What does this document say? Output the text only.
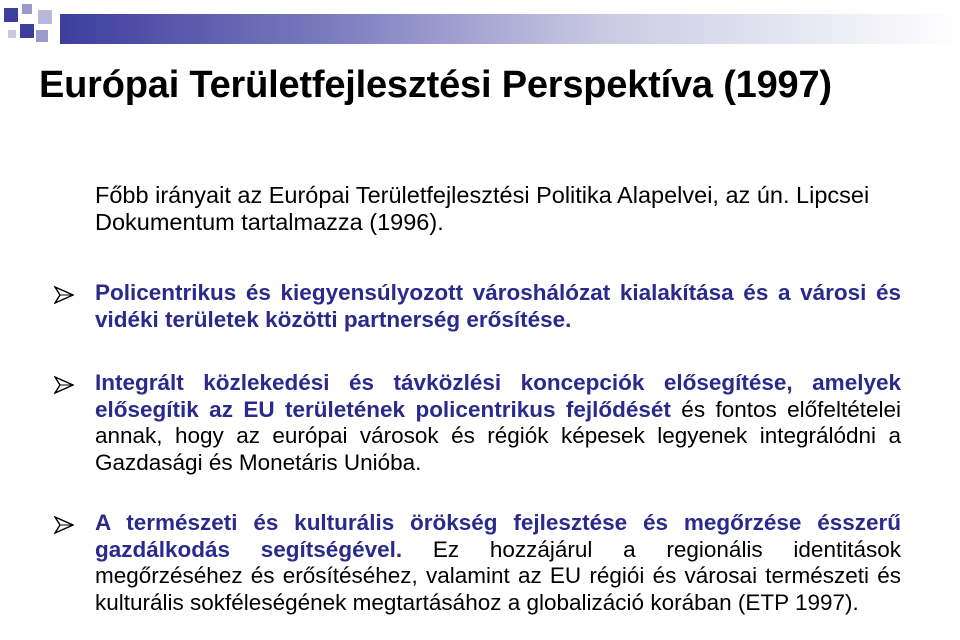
Európai Területfejlesztési Perspektíva (1997)

Főbb irányait az Európai Területfejlesztési Politika Alapelvei, az ún. Lipcsei Dokumentum tartalmazza (1996).

Policentrikus és kiegyensúlyozott városhálózat kialakítása és a városi és vidéki területek közötti partnerség erősítése.

Integrált közlekedési és távközlési koncepciók elősegítése, amelyek elősegítik az EU területének policentrikus fejlődését és fontos előfeltételei annak, hogy az európai városok és régiók képesek legyenek integrálódni a Gazdasági és Monetáris Unióba.

A természeti és kulturális örökség fejlesztése és megőrzése ésszerű gazdálkodás segítségével. Ez hozzájárul a regionális identitások megőrzéséhez és erősítéséhez, valamint az EU régiói és városai természeti és kulturális sokféleségének megtartásához a globalizáció korában (ETP 1997).
